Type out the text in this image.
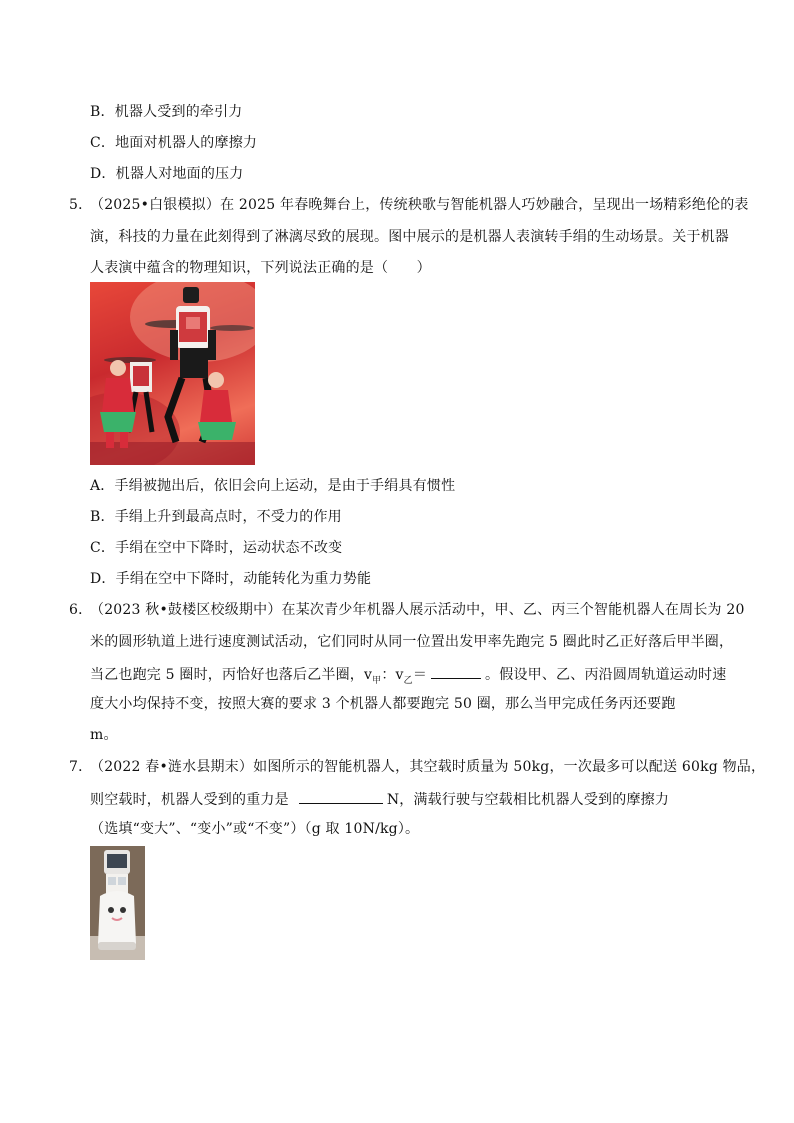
B．机器人受到的牵引力
C．地面对机器人的摩擦力
D．机器人对地面的压力
5．
（2025•白银模拟）在 2025 年春晚舞台上，传统秧歌与智能机器人巧妙融合，呈现出一场精彩绝伦的表
演，科技的力量在此刻得到了淋漓尽致的展现。图中展示的是机器人表演转手绢的生动场景。关于机器
人表演中蕴含的物理知识，下列说法正确的是（　　）
A．手绢被抛出后，依旧会向上运动，是由于手绢具有惯性
B．手绢上升到最高点时，不受力的作用
C．手绢在空中下降时，运动状态不改变
D．手绢在空中下降时，动能转化为重力势能
6．
（2023 秋•鼓楼区校级期中）在某次青少年机器人展示活动中，甲、乙、丙三个智能机器人在周长为 20
米的圆形轨道上进行速度测试活动，它们同时从同一位置出发甲率先跑完 5 圈此时乙正好落后甲半圈，
当乙也跑完 5 圈时，丙恰好也落后乙半圈，$v_甲$：$v_乙=$	。假设甲、乙、丙沿圆周轨道运动时速
度大小均保持不变，按照大赛的要求 3 个机器人都要跑完 50 圈，那么当甲完成任务丙还要跑
m。
7．
（2022 春•涟水县期末）如图所示的智能机器人，其空载时质量为 50kg，一次最多可以配送 60kg 物品，
则空载时，机器人受到的重力是	N，满载行驶与空载相比机器人受到的摩擦力
（选填“变大”、“变小”或“不变”）（g 取 10N/kg）。
